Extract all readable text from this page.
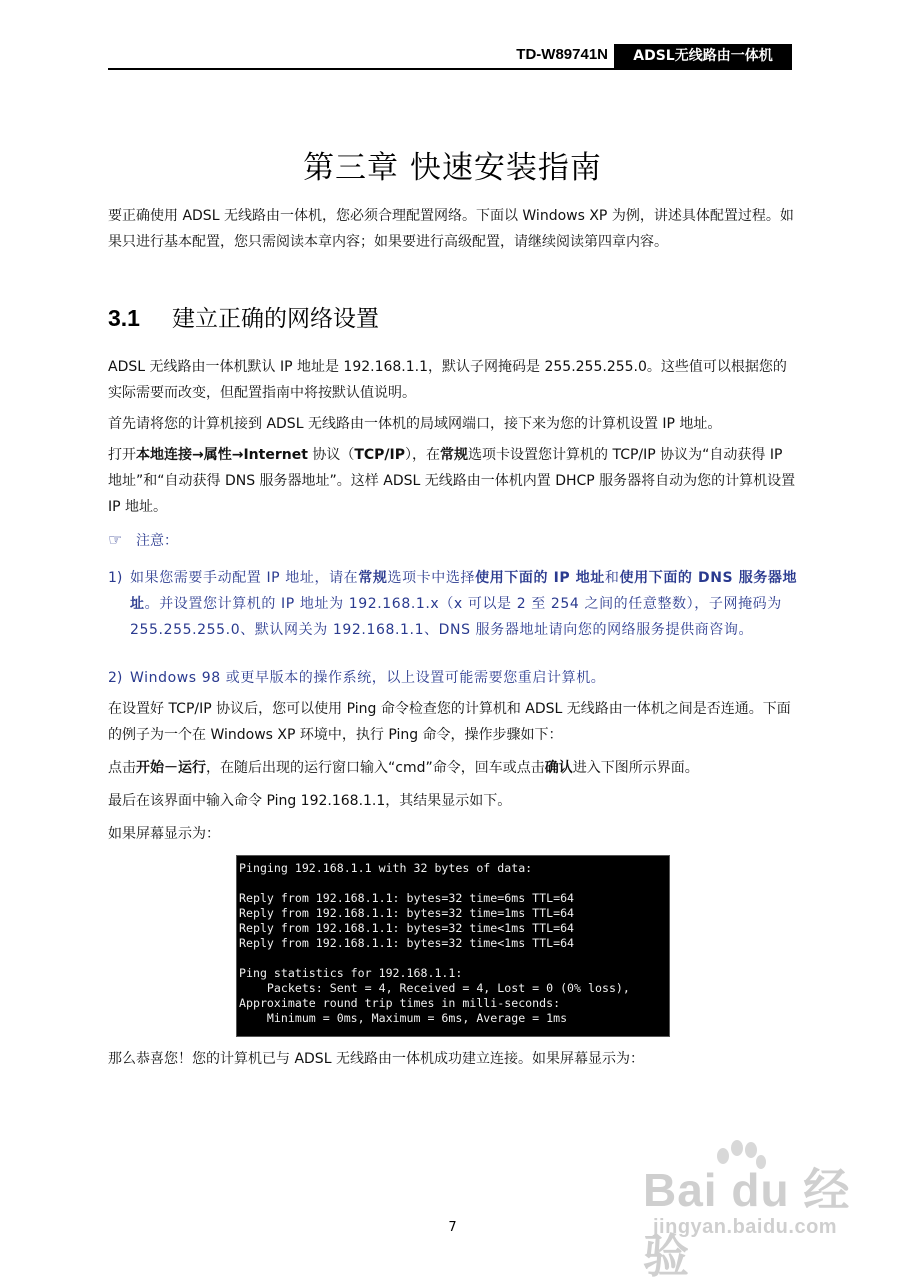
TD-W89741N	ADSL无线路由一体机
第三章 快速安装指南
要正确使用 ADSL 无线路由一体机，您必须合理配置网络。下面以 Windows XP 为例，讲述具体配置过程。如果只进行基本配置，您只需阅读本章内容；如果要进行高级配置，请继续阅读第四章内容。
3.1 建立正确的网络设置
ADSL 无线路由一体机默认 IP 地址是 192.168.1.1，默认子网掩码是 255.255.255.0。这些值可以根据您的实际需要而改变，但配置指南中将按默认值说明。
首先请将您的计算机接到 ADSL 无线路由一体机的局域网端口，接下来为您的计算机设置 IP 地址。
打开本地连接→属性→Internet 协议（TCP/IP），在常规选项卡设置您计算机的 TCP/IP 协议为“自动获得 IP 地址”和“自动获得 DNS 服务器地址”。这样 ADSL 无线路由一体机内置 DHCP 服务器将自动为您的计算机设置 IP 地址。
☞ 注意：
1) 如果您需要手动配置 IP 地址，请在常规选项卡中选择使用下面的 IP 地址和使用下面的 DNS 服务器地址。并设置您计算机的 IP 地址为 192.168.1.x（x 可以是 2 至 254 之间的任意整数），子网掩码为 255.255.255.0、默认网关为 192.168.1.1、DNS 服务器地址请向您的网络服务提供商咨询。
2) Windows 98 或更早版本的操作系统，以上设置可能需要您重启计算机。
在设置好 TCP/IP 协议后，您可以使用 Ping 命令检查您的计算机和 ADSL 无线路由一体机之间是否连通。下面的例子为一个在 Windows XP 环境中，执行 Ping 命令，操作步骤如下：
点击开始－运行，在随后出现的运行窗口输入“cmd”命令，回车或点击确认进入下图所示界面。
最后在该界面中输入命令 Ping 192.168.1.1，其结果显示如下。
如果屏幕显示为：
Pinging 192.168.1.1 with 32 bytes of data:
Reply from 192.168.1.1: bytes=32 time=6ms TTL=64
Reply from 192.168.1.1: bytes=32 time=1ms TTL=64
Reply from 192.168.1.1: bytes=32 time<1ms TTL=64
Reply from 192.168.1.1: bytes=32 time<1ms TTL=64
Ping statistics for 192.168.1.1:
Packets: Sent = 4, Received = 4, Lost = 0 (0% loss),
Approximate round trip times in milli-seconds:
Minimum = 0ms, Maximum = 6ms, Average = 1ms
那么恭喜您！您的计算机已与 ADSL 无线路由一体机成功建立连接。如果屏幕显示为：
Bai du 经验
jingyan.baidu.com
7
